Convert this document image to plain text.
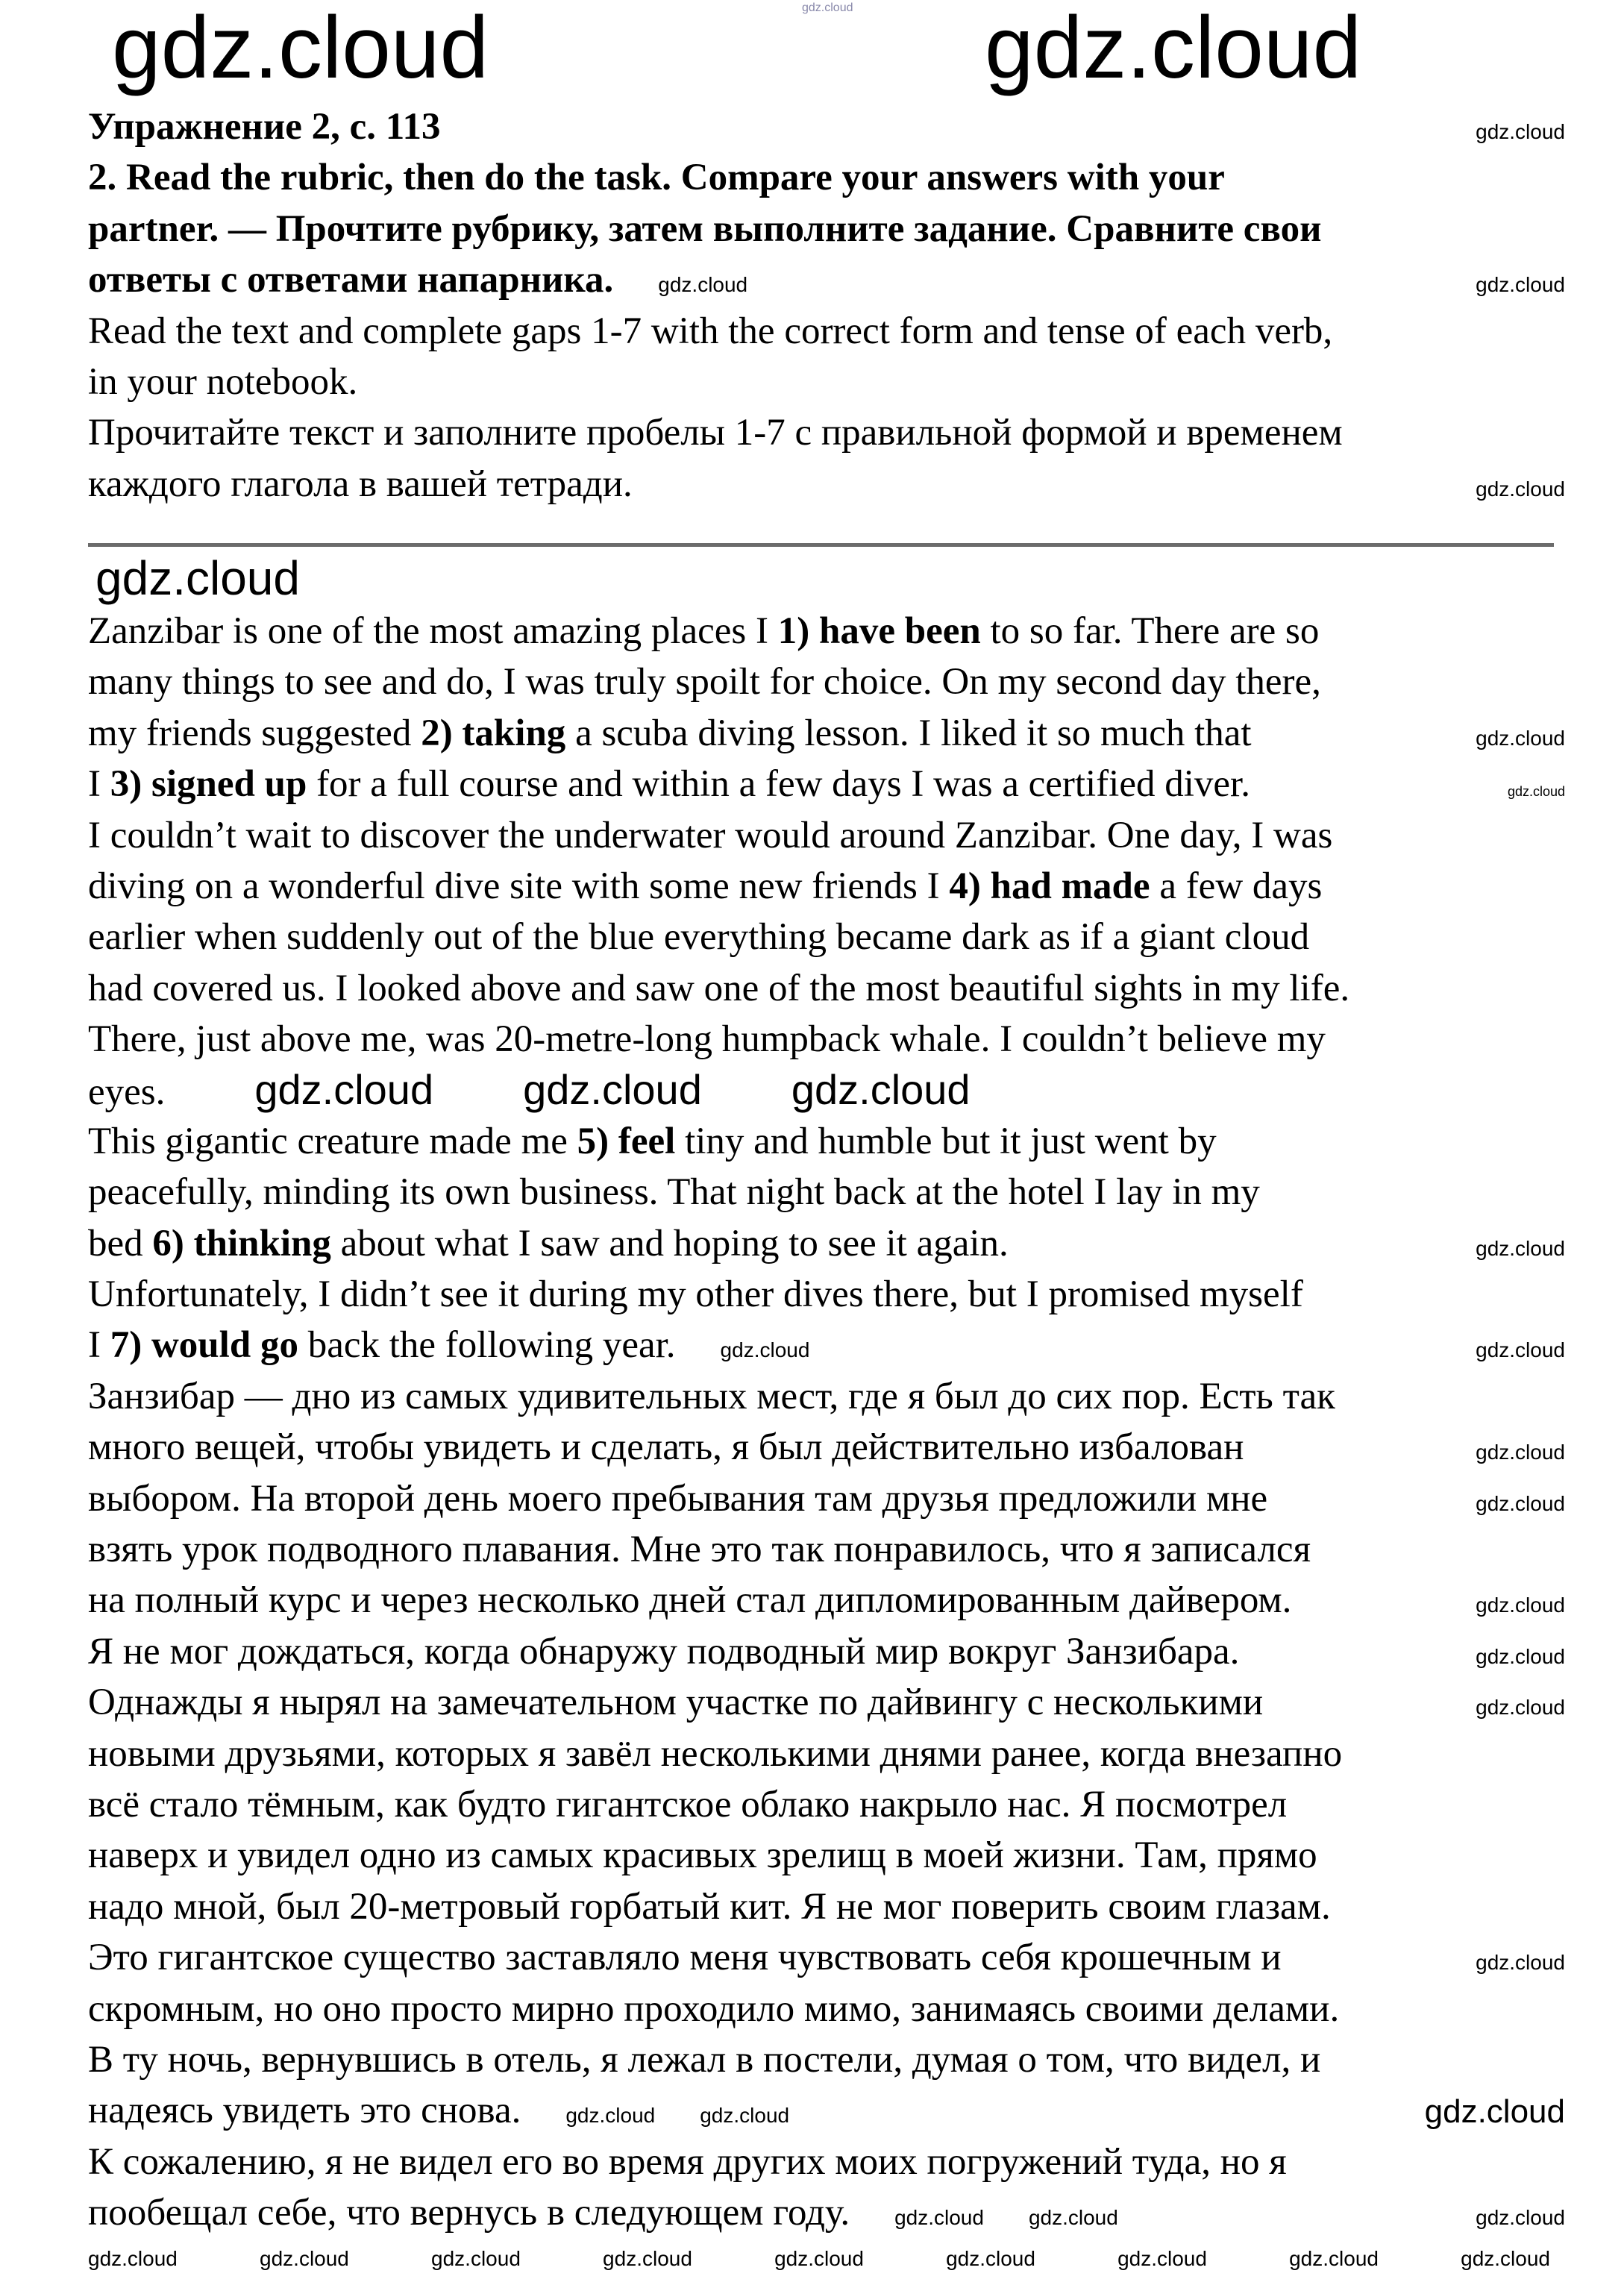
gdz.cloud
gdz.cloud	gdz.cloud
Упражнение 2, с. 113	gdz.cloud
2. Read the rubric, then do the task. Compare your answers with your
partner. — Прочтите рубрику, затем выполните задание. Сравните свои
ответы с ответами напарника. gdz.cloud	gdz.cloud
Read the text and complete gaps 1-7 with the correct form and tense of each verb,
in your notebook.
Прочитайте текст и заполните пробелы 1-7 с правильной формой и временем
каждого глагола в вашей тетради.	gdz.cloud
gdz.cloud
Zanzibar is one of the most amazing places I 1) have been to so far. There are so
many things to see and do, I was truly spoilt for choice. On my second day there,
my friends suggested 2) taking a scuba diving lesson. I liked it so much that	gdz.cloud
I 3) signed up for a full course and within a few days I was a certified diver.	gdz.cloud
I couldn’t wait to discover the underwater would around Zanzibar. One day, I was
diving on a wonderful dive site with some new friends I 4) had made a few days
earlier when suddenly out of the blue everything became dark as if a giant cloud
had covered us. I looked above and saw one of the most beautiful sights in my life.
There, just above me, was 20-metre-long humpback whale. I couldn’t believe my
eyes. gdz.cloud gdz.cloud gdz.cloud
This gigantic creature made me 5) feel tiny and humble but it just went by
peacefully, minding its own business. That night back at the hotel I lay in my
bed 6) thinking about what I saw and hoping to see it again.	gdz.cloud
Unfortunately, I didn’t see it during my other dives there, but I promised myself
I 7) would go back the following year. gdz.cloud	gdz.cloud
Занзибар — дно из самых удивительных мест, где я был до сих пор. Есть так
много вещей, чтобы увидеть и сделать, я был действительно избалован	gdz.cloud
выбором. На второй день моего пребывания там друзья предложили мне	gdz.cloud
взять урок подводного плавания. Мне это так понравилось, что я записался
на полный курс и через несколько дней стал дипломированным дайвером.	gdz.cloud
Я не мог дождаться, когда обнаружу подводный мир вокруг Занзибара.	gdz.cloud
Однажды я нырял на замечательном участке по дайвингу с несколькими	gdz.cloud
новыми друзьями, которых я завёл несколькими днями ранее, когда внезапно
всё стало тёмным, как будто гигантское облако накрыло нас. Я посмотрел
наверх и увидел одно из самых красивых зрелищ в моей жизни. Там, прямо
надо мной, был 20-метровый горбатый кит. Я не мог поверить своим глазам.
Это гигантское существо заставляло меня чувствовать себя крошечным и	gdz.cloud
скромным, но оно просто мирно проходило мимо, занимаясь своими делами.
В ту ночь, вернувшись в отель, я лежал в постели, думая о том, что видел, и
надеясь увидеть это снова. gdz.cloud gdz.cloud	gdz.cloud
К сожалению, я не видел его во время других моих погружений туда, но я
пообещал себе, что вернусь в следующем году. gdz.cloud gdz.cloud	gdz.cloud
gdz.cloud	gdz.cloud	gdz.cloud	gdz.cloud	gdz.cloud	gdz.cloud	gdz.cloud	gdz.cloud	gdz.cloud
